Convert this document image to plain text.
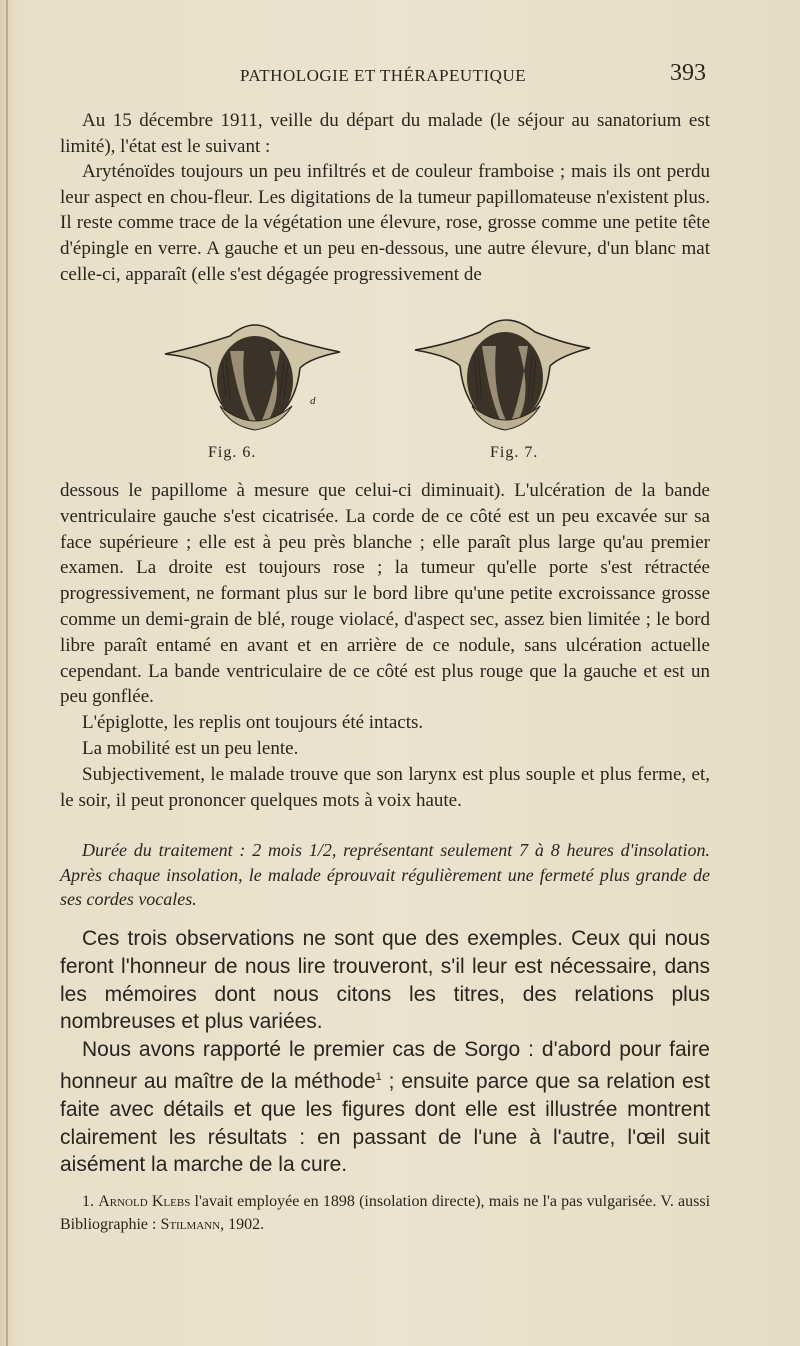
PATHOLOGIE ET THÉRAPEUTIQUE	393

Au 15 décembre 1911, veille du départ du malade (le séjour au sanatorium est limité), l'état est le suivant :

Aryténoïdes toujours un peu infiltrés et de couleur framboise ; mais ils ont perdu leur aspect en chou-fleur. Les digitations de la tumeur papillomateuse n'existent plus. Il reste comme trace de la végétation une élevure, rose, grosse comme une petite tête d'épingle en verre. A gauche et un peu en-dessous, une autre élevure, d'un blanc mat celle-ci, apparaît (elle s'est dégagée progressivement de

d
Fig. 6.	Fig. 7.

dessous le papillome à mesure que celui-ci diminuait). L'ulcération de la bande ventriculaire gauche s'est cicatrisée. La corde de ce côté est un peu excavée sur sa face supérieure ; elle est à peu près blanche ; elle paraît plus large qu'au premier examen. La droite est toujours rose ; la tumeur qu'elle porte s'est rétractée progressivement, ne formant plus sur le bord libre qu'une petite excroissance grosse comme un demi-grain de blé, rouge violacé, d'aspect sec, assez bien limitée ; le bord libre paraît entamé en avant et en arrière de ce nodule, sans ulcération actuelle cependant. La bande ventriculaire de ce côté est plus rouge que la gauche et est un peu gonflée.

L'épiglotte, les replis ont toujours été intacts.

La mobilité est un peu lente.

Subjectivement, le malade trouve que son larynx est plus souple et plus ferme, et, le soir, il peut prononcer quelques mots à voix haute.

Durée du traitement : 2 mois 1/2, représentant seulement 7 à 8 heures d'insolation. Après chaque insolation, le malade éprouvait régulièrement une fermeté plus grande de ses cordes vocales.

Ces trois observations ne sont que des exemples. Ceux qui nous feront l'honneur de nous lire trouveront, s'il leur est nécessaire, dans les mémoires dont nous citons les titres, des relations plus nombreuses et plus variées.

Nous avons rapporté le premier cas de Sorgo : d'abord pour faire honneur au maître de la méthode$^1$ ; ensuite parce que sa relation est faite avec détails et que les figures dont elle est illustrée montrent clairement les résultats : en passant de l'une à l'autre, l'œil suit aisément la marche de la cure.

1. Arnold Klebs l'avait employée en 1898 (insolation directe), mais ne l'a pas vulgarisée. V. aussi Bibliographie : Stilmann, 1902.
